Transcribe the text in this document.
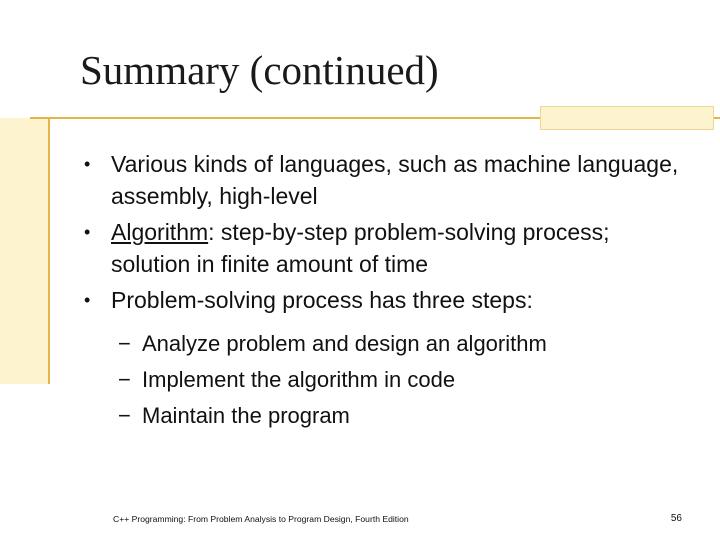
Summary (continued)
• Various kinds of languages, such as machine language, assembly, high-level
• Algorithm: step-by-step problem-solving process; solution in finite amount of time
• Problem-solving process has three steps:
− Analyze problem and design an algorithm
− Implement the algorithm in code
− Maintain the program
C++ Programming: From Problem Analysis to Program Design, Fourth Edition	56
